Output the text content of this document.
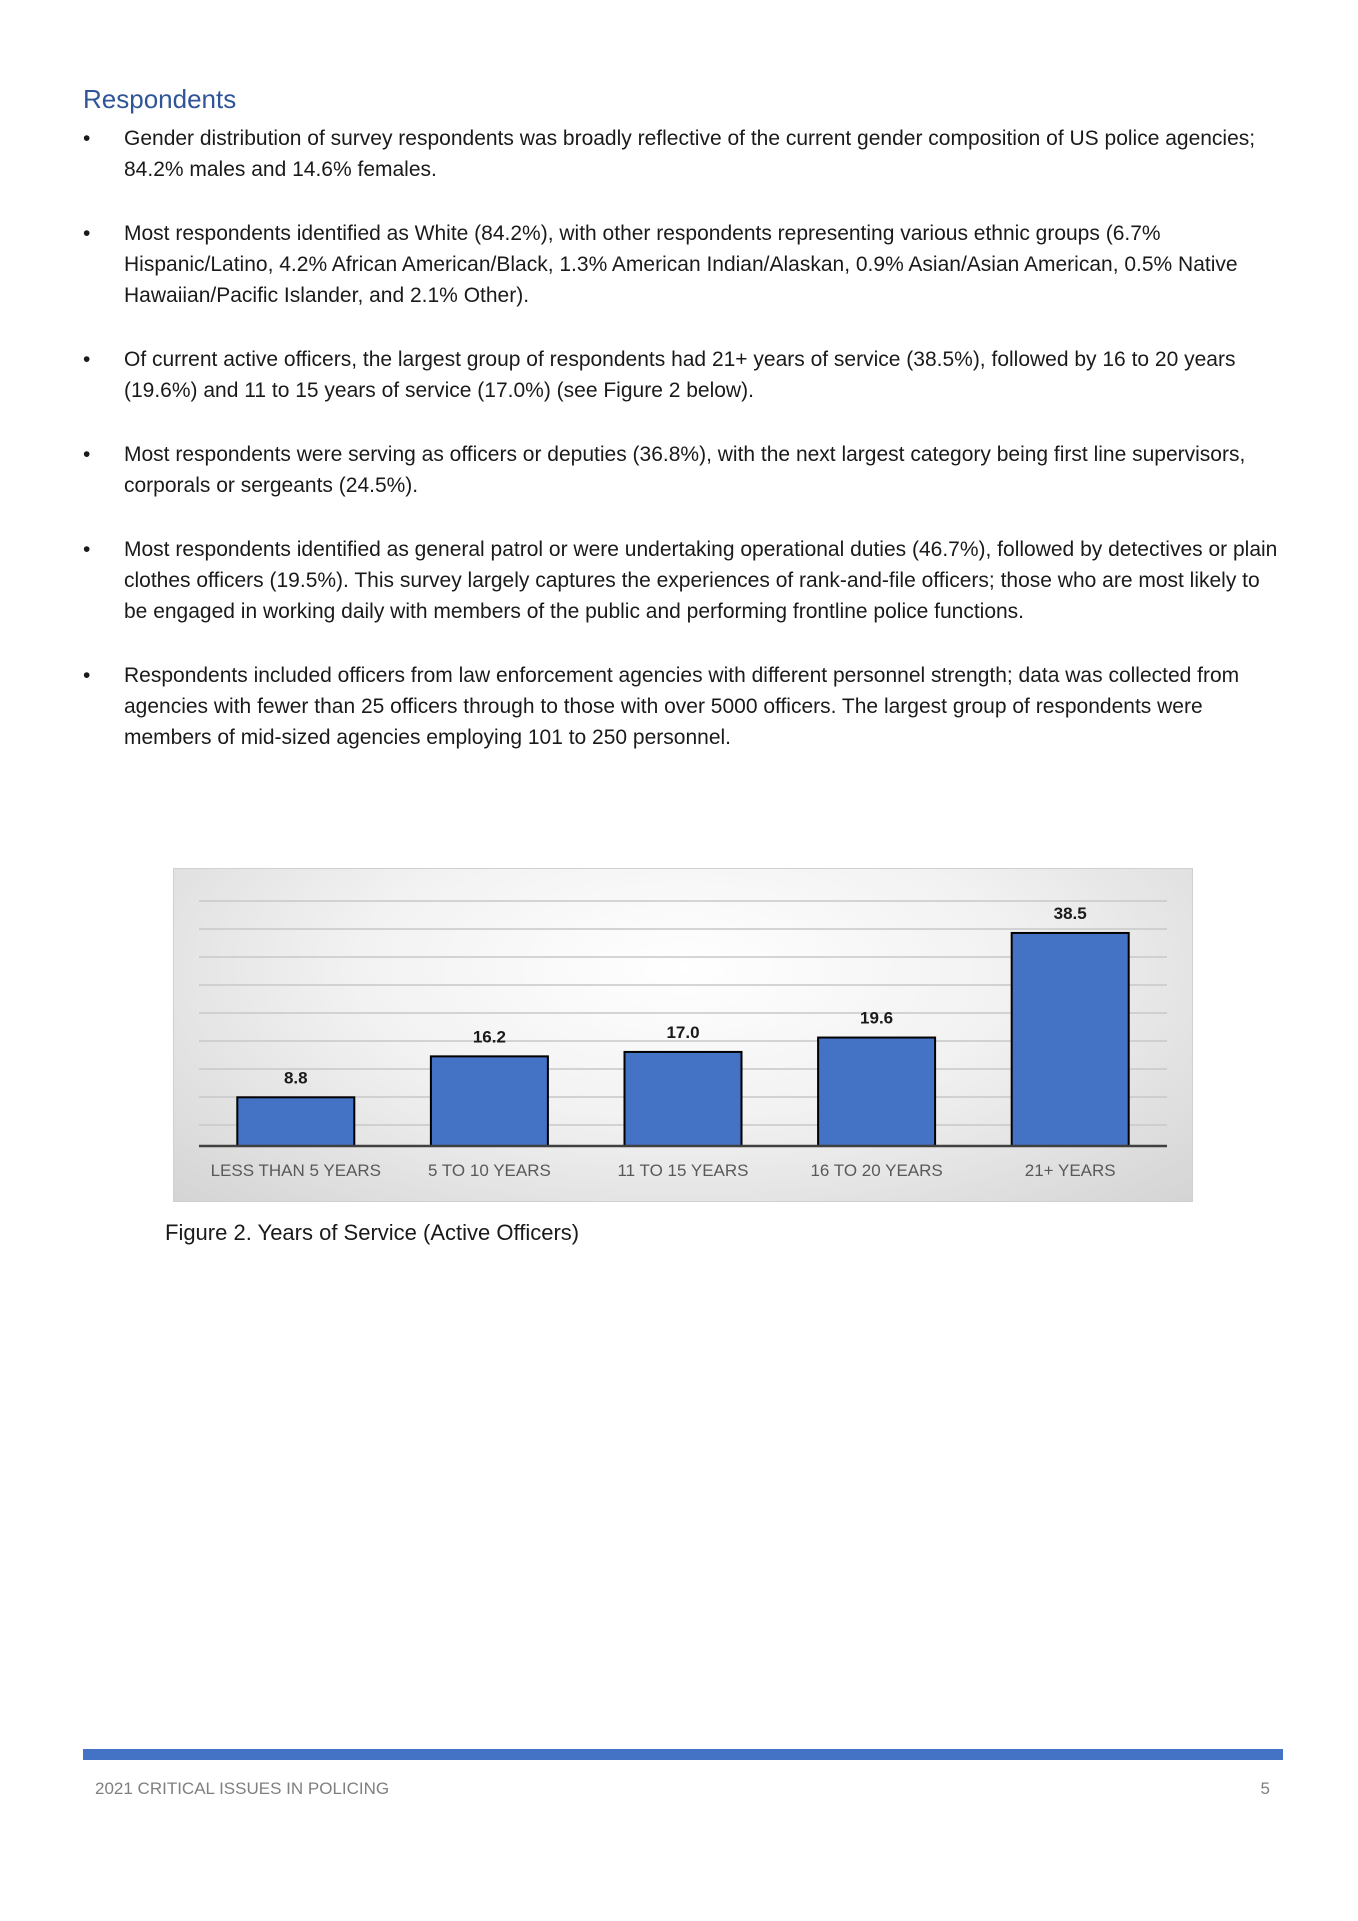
Respondents
•	Gender distribution of survey respondents was broadly reflective of the current gender composition of US police agencies; 84.2% males and 14.6% females.
•	Most respondents identified as White (84.2%), with other respondents representing various ethnic groups (6.7% Hispanic/Latino, 4.2% African American/Black, 1.3% American Indian/Alaskan, 0.9% Asian/Asian American, 0.5% Native Hawaiian/Pacific Islander, and 2.1% Other).
•	Of current active officers, the largest group of respondents had 21+ years of service (38.5%), followed by 16 to 20 years (19.6%) and 11 to 15 years of service (17.0%) (see Figure 2 below).
•	Most respondents were serving as officers or deputies (36.8%), with the next largest category being first line supervisors, corporals or sergeants (24.5%).
•	Most respondents identified as general patrol or were undertaking operational duties (46.7%), followed by detectives or plain clothes officers (19.5%). This survey largely captures the experiences of rank-and-file officers; those who are most likely to be engaged in working daily with members of the public and performing frontline police functions.
•	Respondents included officers from law enforcement agencies with different personnel strength; data was collected from agencies with fewer than 25 officers through to those with over 5000 officers. The largest group of respondents were members of mid-sized agencies employing 101 to 250 personnel.
8.8
LESS THAN 5 YEARS
16.2
5 TO 10 YEARS
17.0
11 TO 15 YEARS
19.6
16 TO 20 YEARS
38.5
21+ YEARS

Figure 2. Years of Service (Active Officers)

2021 CRITICAL ISSUES IN POLICING	5
